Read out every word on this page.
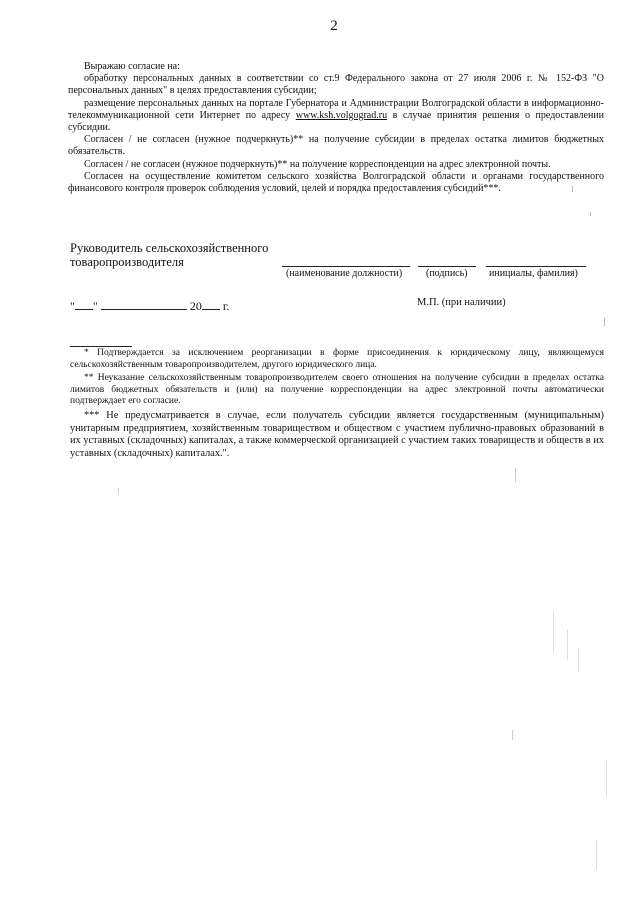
2

Выражаю согласие на:

обработку персональных данных в соответствии со ст.9 Федерального закона от 27 июля 2006 г. № 152-ФЗ "О персональных данных" в целях предоставления субсидии;

размещение персональных данных на портале Губернатора и Администрации Волгоградской области в информационно-телекоммуникационной сети Интернет по адресу www.ksh.volgograd.ru в случае принятия решения о предоставлении субсидии.

Согласен / не согласен (нужное подчеркнуть)** на получение субсидии в пределах остатка лимитов бюджетных обязательств.

Согласен / не согласен (нужное подчеркнуть)** на получение корреспонденции на адрес электронной почты.

Согласен на осуществление комитетом сельского хозяйства Волгоградской области и органами государственного финансового контроля проверок соблюдения условий, целей и порядка предоставления субсидий***.

Руководитель сельскохозяйственного товаропроизводителя
(наименование должности) (подпись) инициалы, фамилия)
" "	20 г.	М.П. (при наличии)

* Подтверждается за исключением реорганизации в форме присоединения к юридическому лицу, являющемуся сельскохозяйственным товаропроизводителем, другого юридического лица.

** Неуказание сельскохозяйственным товаропроизводителем своего отношения на получение субсидии в пределах остатка лимитов бюджетных обязательств и (или) на получение корреспонденции на адрес электронной почты автоматически подтверждает его согласие.

*** Не предусматривается в случае, если получатель субсидии является государственным (муниципальным) унитарным предприятием, хозяйственным товариществом и обществом с участием публично-правовых образований в их уставных (складочных) капиталах, а также коммерческой организацией с участием таких товариществ и обществ в их уставных (складочных) капиталах.".
